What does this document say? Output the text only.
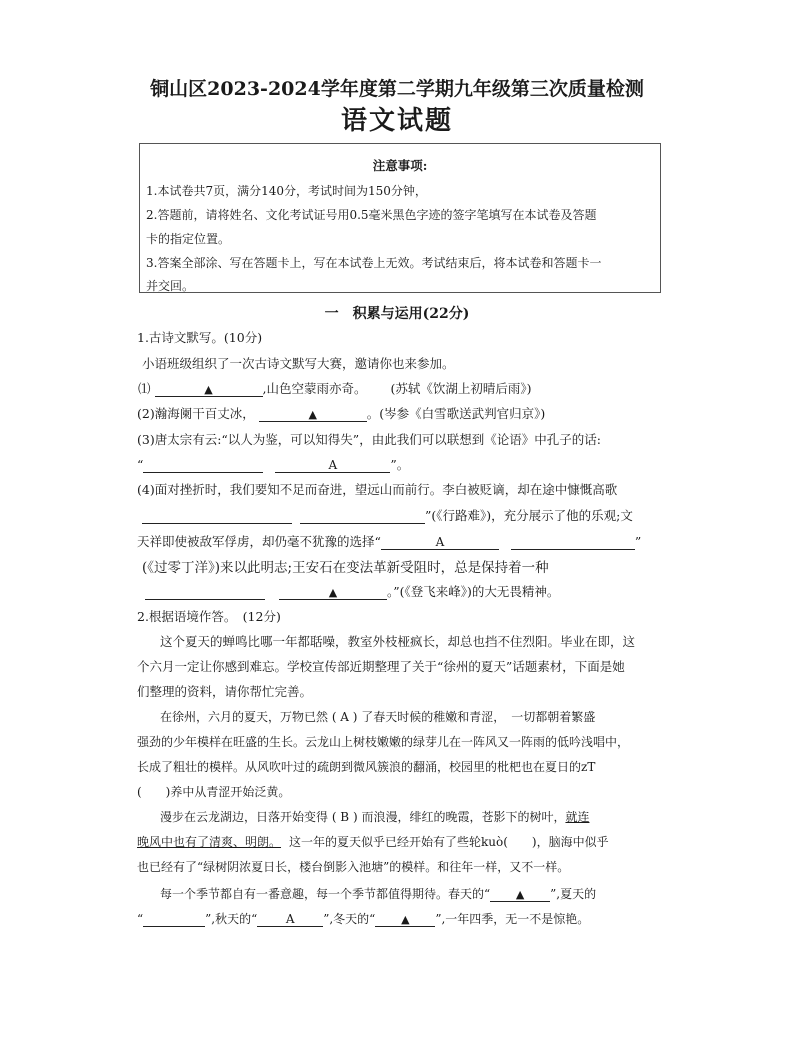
铜山区2023-2024学年度第二学期九年级第三次质量检测
语文试题
注意事项:
1.本试卷共7页，满分140分，考试时间为150分钟，
2.答题前，请将姓名、文化考试证号用0.5毫米黑色字迹的签字笔填写在本试卷及答题
卡的指定位置。
3.答案全部涂、写在答题卡上，写在本试卷上无效。考试结束后，将本试卷和答题卡一
并交回。
一　积累与运用(22分)
1.古诗文默写。(10分)
小语班级组织了一次古诗文默写大赛，邀请你也来参加。
⑴	▲	,山色空蒙雨亦奇。 (苏轼《饮湖上初晴后雨》)
(2)瀚海阑干百丈冰，	▲	。(岑参《白雪歌送武判官归京》)
(3)唐太宗有云:“以人为鉴，可以知得失”，由此我们可以联想到《论语》中孔子的话:
“	A	”。
(4)面对挫折时，我们要知不足而奋进，望远山而前行。李白被贬谪，却在途中慷慨高歌
”(《行路难》)，充分展示了他的乐观;文
天祥即使被敌军俘虏，却仍毫不犹豫的选择“	A	”
(《过零丁洋》)来以此明志;王安石在变法革新受阻时，总是保持着一种
▲	。”(《登飞来峰》)的大无畏精神。
2.根据语境作答。　(12分)
这个夏天的蝉鸣比哪一年都聒噪，教室外枝桠疯长，却总也挡不住烈阳。毕业在即，这
个六月一定让你感到难忘。学校宣传部近期整理了关于“徐州的夏天”话题素材，下面是她
们整理的资料，请你帮忙完善。
在徐州，六月的夏天，万物已然 ( A ) 了春天时候的稚嫩和青涩，　一切都朝着繁盛
强劲的少年模样在旺盛的生长。云龙山上树枝嫩嫩的绿芽儿在一阵风又一阵雨的低吟浅唱中，
长成了粗壮的模样。从风吹叶过的疏朗到微风簇浪的翻涌，校园里的枇杷也在夏日的zT
(　　)养中从青涩开始泛黄。
漫步在云龙湖边，日落开始变得 ( B ) 而浪漫，绯红的晚霞，苍影下的树叶，就连
晚风中也有了清爽、明朗。 这一年的夏天似乎已经开始有了些轮kuò(　　)，脑海中似乎
也已经有了“绿树阴浓夏日长，楼台倒影入池塘”的模样。和往年一样，又不一样。
每一个季节都自有一番意趣，每一个季节都值得期待。春天的“ ▲ ”,夏天的
“	”,秋天的“ A ”,冬天的“ ▲ ”,一年四季，无一不是惊艳。
